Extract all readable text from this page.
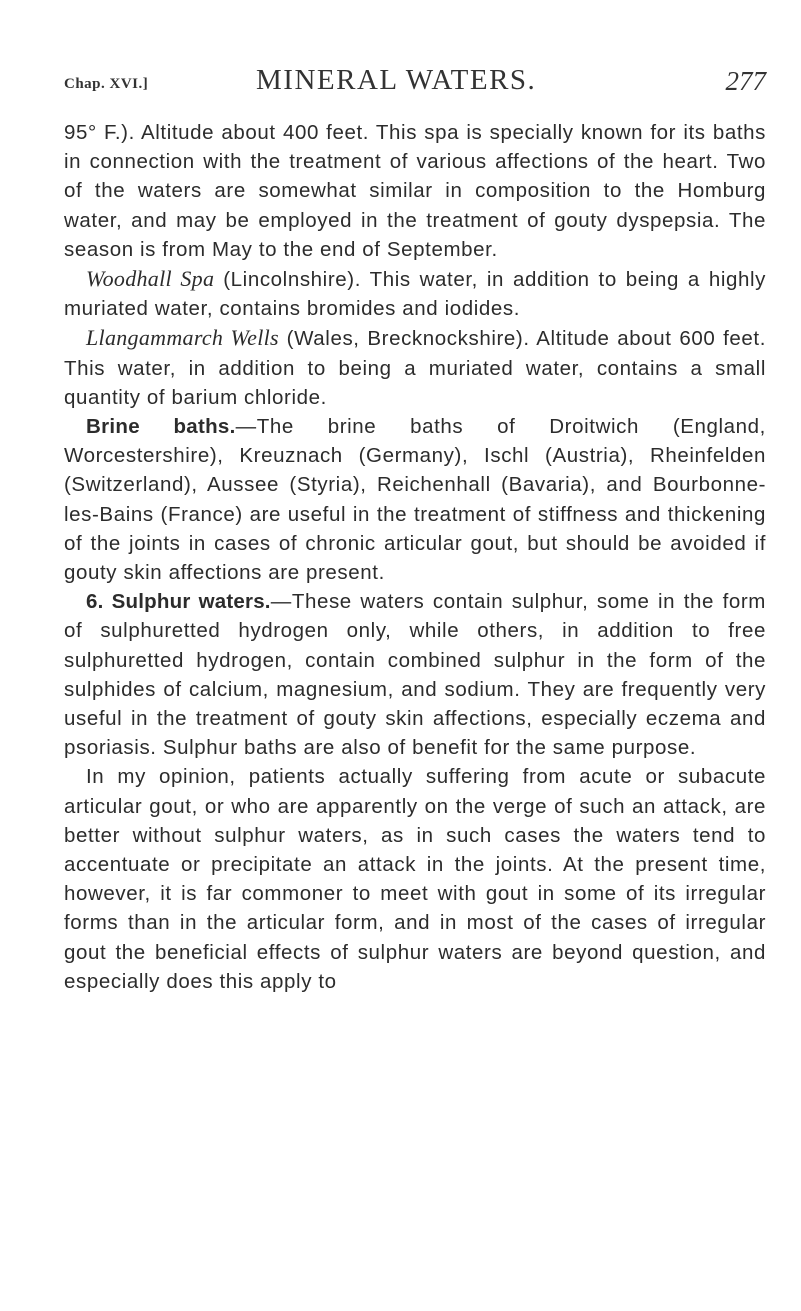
Chap. XVI.]	MINERAL WATERS.	277

95° F.). Altitude about 400 feet. This spa is specially known for its baths in connection with the treatment of various affections of the heart. Two of the waters are somewhat similar in composition to the Homburg water, and may be employed in the treatment of gouty dyspepsia. The season is from May to the end of September.

Woodhall Spa (Lincolnshire). This water, in addition to being a highly muriated water, contains bromides and iodides.

Llangammarch Wells (Wales, Brecknockshire). Altitude about 600 feet. This water, in addition to being a muriated water, contains a small quantity of barium chloride.

Brine baths.—The brine baths of Droitwich (England, Worcestershire), Kreuznach (Germany), Ischl (Austria), Rheinfelden (Switzerland), Aussee (Styria), Reichenhall (Bavaria), and Bourbonne-les-Bains (France) are useful in the treatment of stiffness and thickening of the joints in cases of chronic articular gout, but should be avoided if gouty skin affections are present.

6. Sulphur waters.—These waters contain sulphur, some in the form of sulphuretted hydrogen only, while others, in addition to free sulphuretted hydrogen, contain combined sulphur in the form of the sulphides of calcium, magnesium, and sodium. They are frequently very useful in the treatment of gouty skin affections, especially eczema and psoriasis. Sulphur baths are also of benefit for the same purpose.

In my opinion, patients actually suffering from acute or subacute articular gout, or who are apparently on the verge of such an attack, are better without sulphur waters, as in such cases the waters tend to accentuate or precipitate an attack in the joints. At the present time, however, it is far commoner to meet with gout in some of its irregular forms than in the articular form, and in most of the cases of irregular gout the beneficial effects of sulphur waters are beyond question, and especially does this apply to
